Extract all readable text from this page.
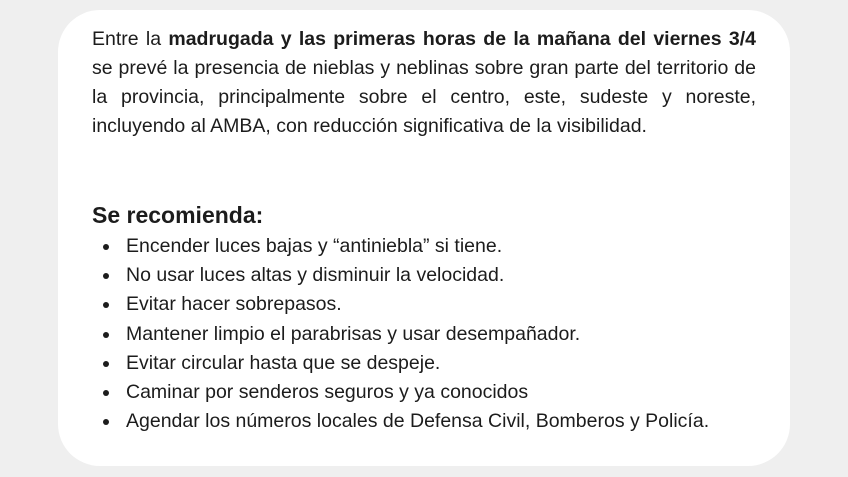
Entre la madrugada y las primeras horas de la mañana del viernes 3/4 se prevé la presencia de nieblas y neblinas sobre gran parte del territorio de la provincia, principalmente sobre el centro, este, sudeste y noreste, incluyendo al AMBA, con reducción significativa de la visibilidad.

Se recomienda:
Encender luces bajas y “antiniebla” si tiene.
No usar luces altas y disminuir la velocidad.
Evitar hacer sobrepasos.
Mantener limpio el parabrisas y usar desempañador.
Evitar circular hasta que se despeje.
Caminar por senderos seguros y ya conocidos
Agendar los números locales de Defensa Civil, Bomberos y Policía.
